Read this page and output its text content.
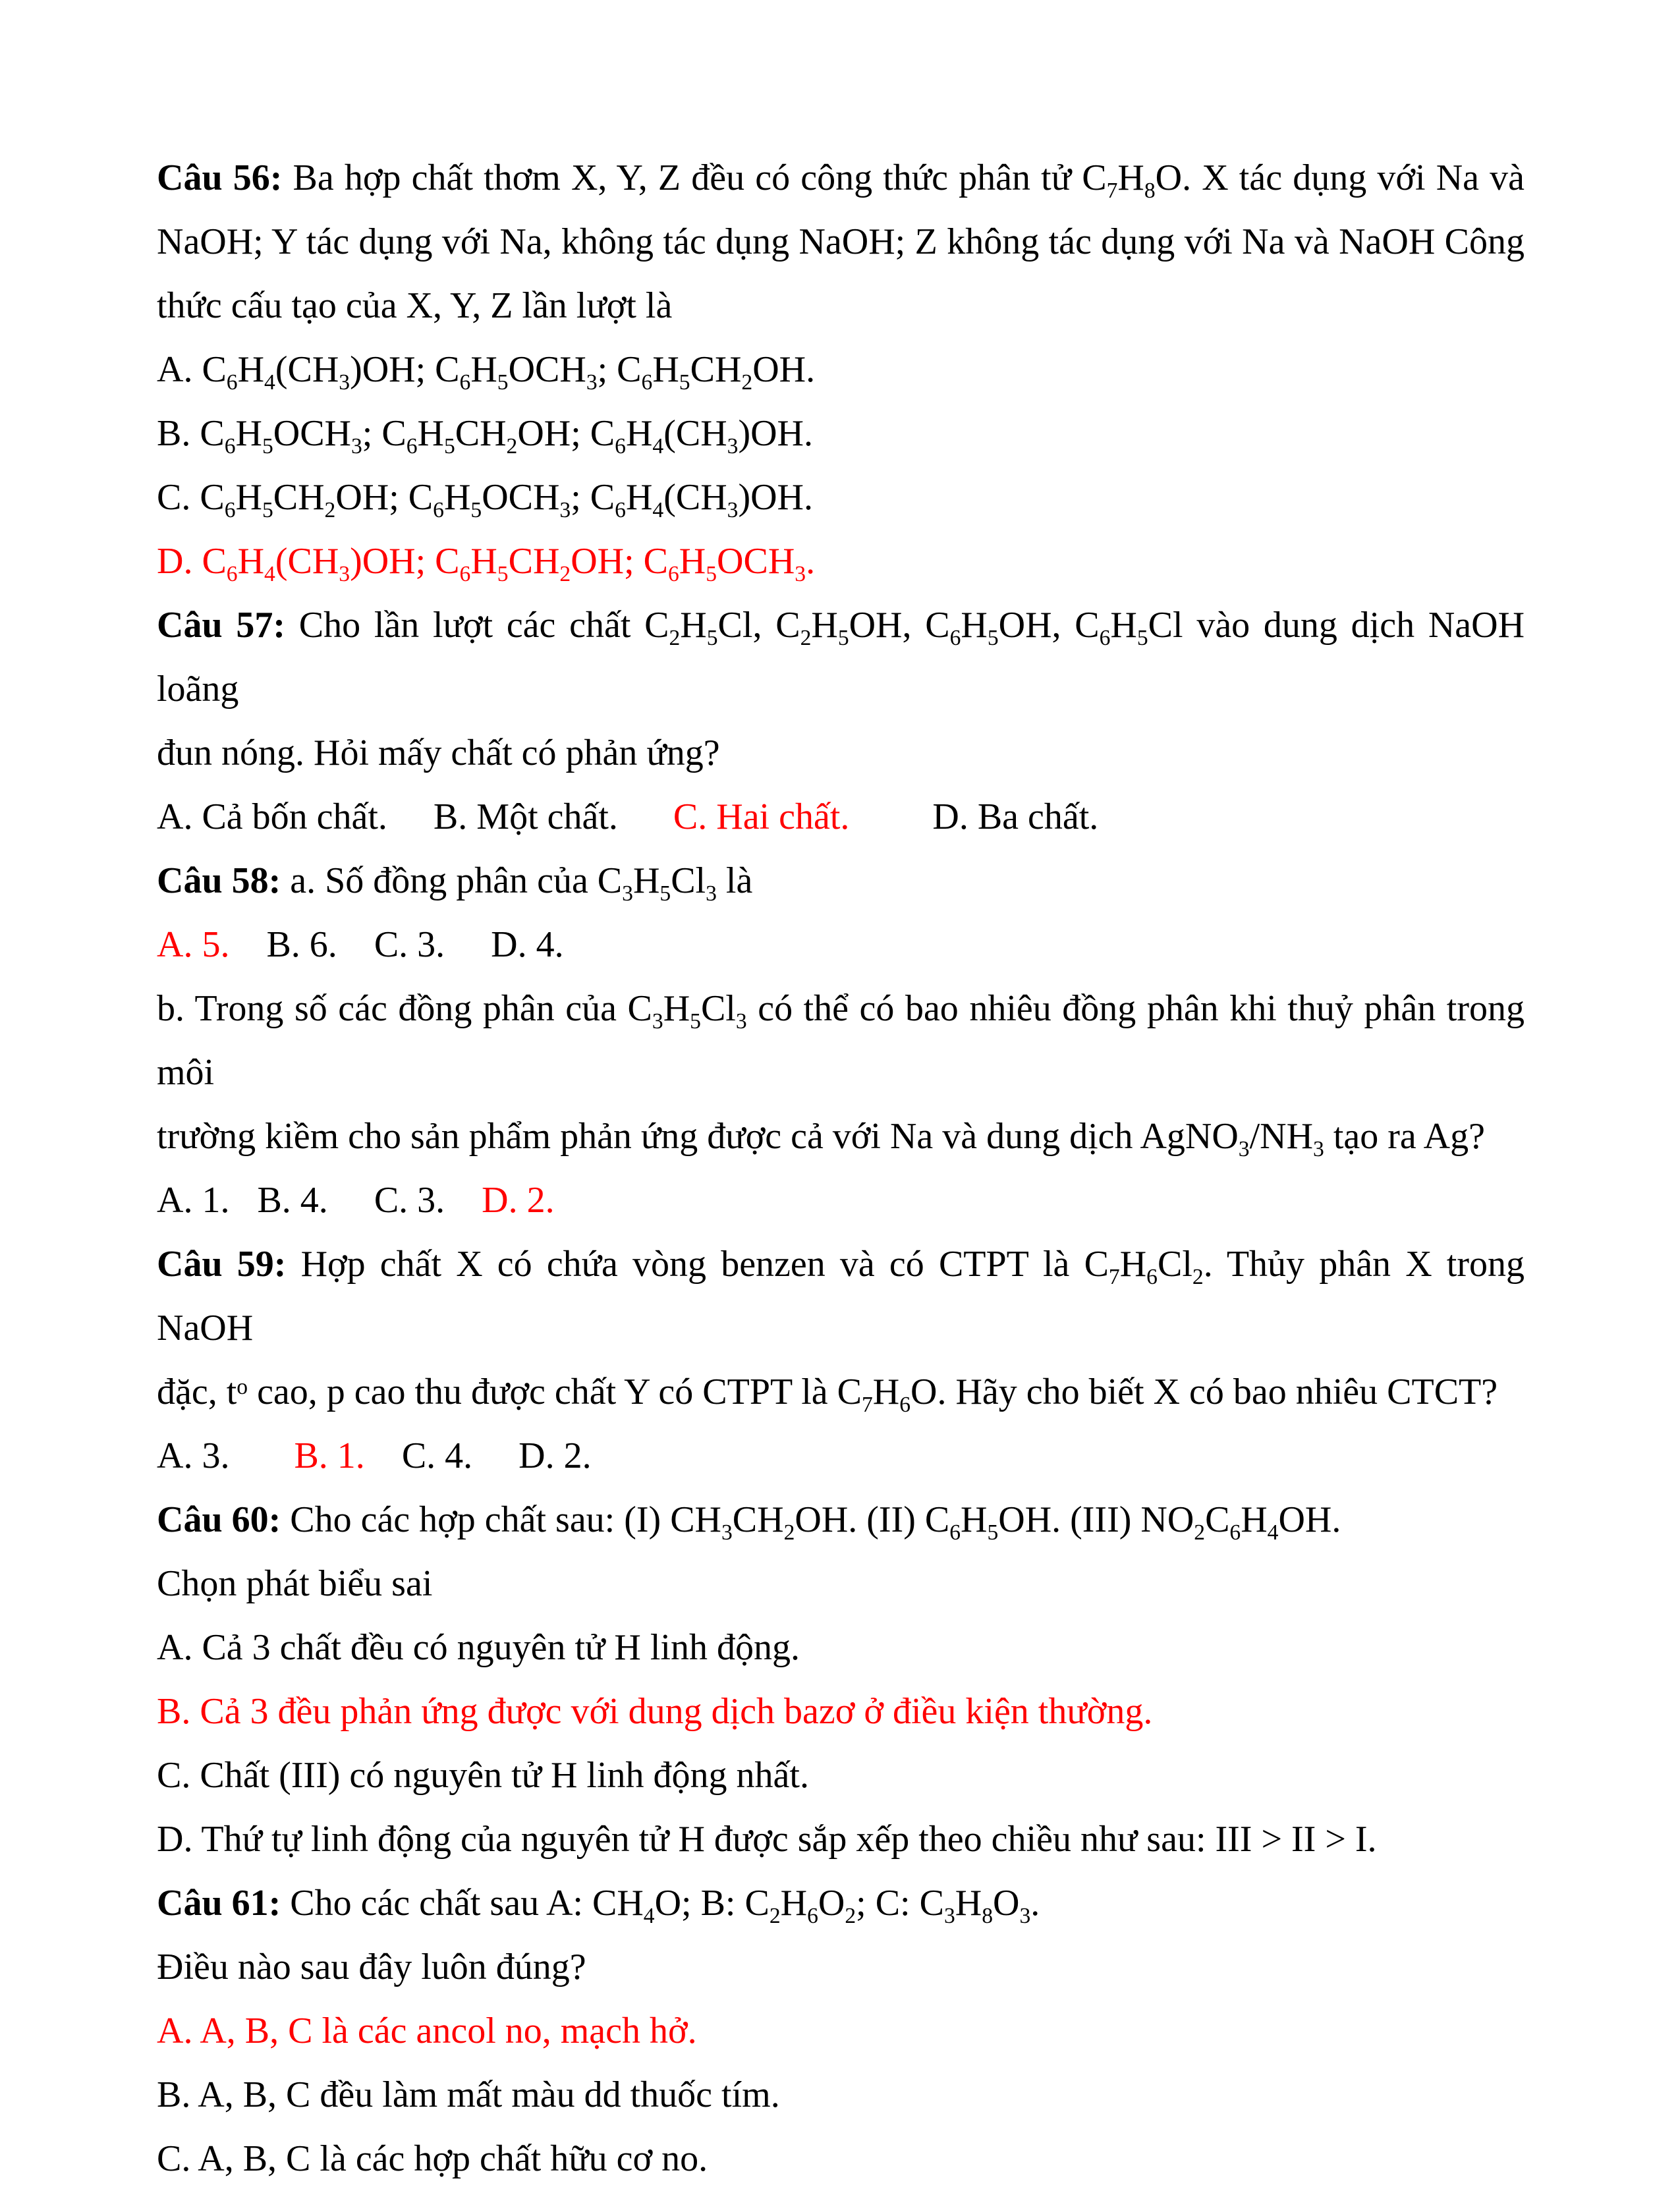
Câu 56: Ba hợp chất thơm X, Y, Z đều có công thức phân tử $C_7H_8O$. X tác dụng với Na và
NaOH; Y tác dụng với Na, không tác dụng NaOH; Z không tác dụng với Na và NaOH Công
thức cấu tạo của X, Y, Z lần lượt là
A. $C_6H_4(CH_3)OH$; $C_6H_5OCH_3$; $C_6H_5CH_2OH$.
B. $C_6H_5OCH_3$; $C_6H_5CH_2OH$; $C_6H_4(CH_3)OH$.
C. $C_6H_5CH_2OH$; $C_6H_5OCH_3$; $C_6H_4(CH_3)OH$.
D. $C_6H_4(CH_3)OH$; $C_6H_5CH_2OH$; $C_6H_5OCH_3$.
Câu 57: Cho lần lượt các chất $C_2H_5Cl$, $C_2H_5OH$, $C_6H_5OH$, $C_6H_5Cl$ vào dung dịch NaOH loãng
đun nóng. Hỏi mấy chất có phản ứng?
A. Cả bốn chất. B. Một chất. C. Hai chất. D. Ba chất.
Câu 58: a. Số đồng phân của $C_3H_5Cl_3$ là
A. 5. B. 6. C. 3. D. 4.
b. Trong số các đồng phân của $C_3H_5Cl_3$ có thể có bao nhiêu đồng phân khi thuỷ phân trong môi
trường kiềm cho sản phẩm phản ứng được cả với Na và dung dịch $AgNO_3/NH_3$ tạo ra Ag?
A. 1. B. 4. C. 3. D. 2.
Câu 59: Hợp chất X có chứa vòng benzen và có CTPT là $C_7H_6Cl_2$. Thủy phân X trong NaOH
đặc, $t^o$ cao, p cao thu được chất Y có CTPT là $C_7H_6O$. Hãy cho biết X có bao nhiêu CTCT?
A. 3. B. 1. C. 4. D. 2.
Câu 60: Cho các hợp chất sau: (I) $CH_3CH_2OH$. (II) $C_6H_5OH$. (III) $NO_2C_6H_4OH$.
Chọn phát biểu sai
A. Cả 3 chất đều có nguyên tử H linh động.
B. Cả 3 đều phản ứng được với dung dịch bazơ ở điều kiện thường.
C. Chất (III) có nguyên tử H linh động nhất.
D. Thứ tự linh động của nguyên tử H được sắp xếp theo chiều như sau: III > II > I.
Câu 61: Cho các chất sau A: $CH_4O$; B: $C_2H_6O_2$; C: $C_3H_8O_3$.
Điều nào sau đây luôn đúng?
A. A, B, C là các ancol no, mạch hở.
B. A, B, C đều làm mất màu dd thuốc tím.
C. A, B, C là các hợp chất hữu cơ no.
